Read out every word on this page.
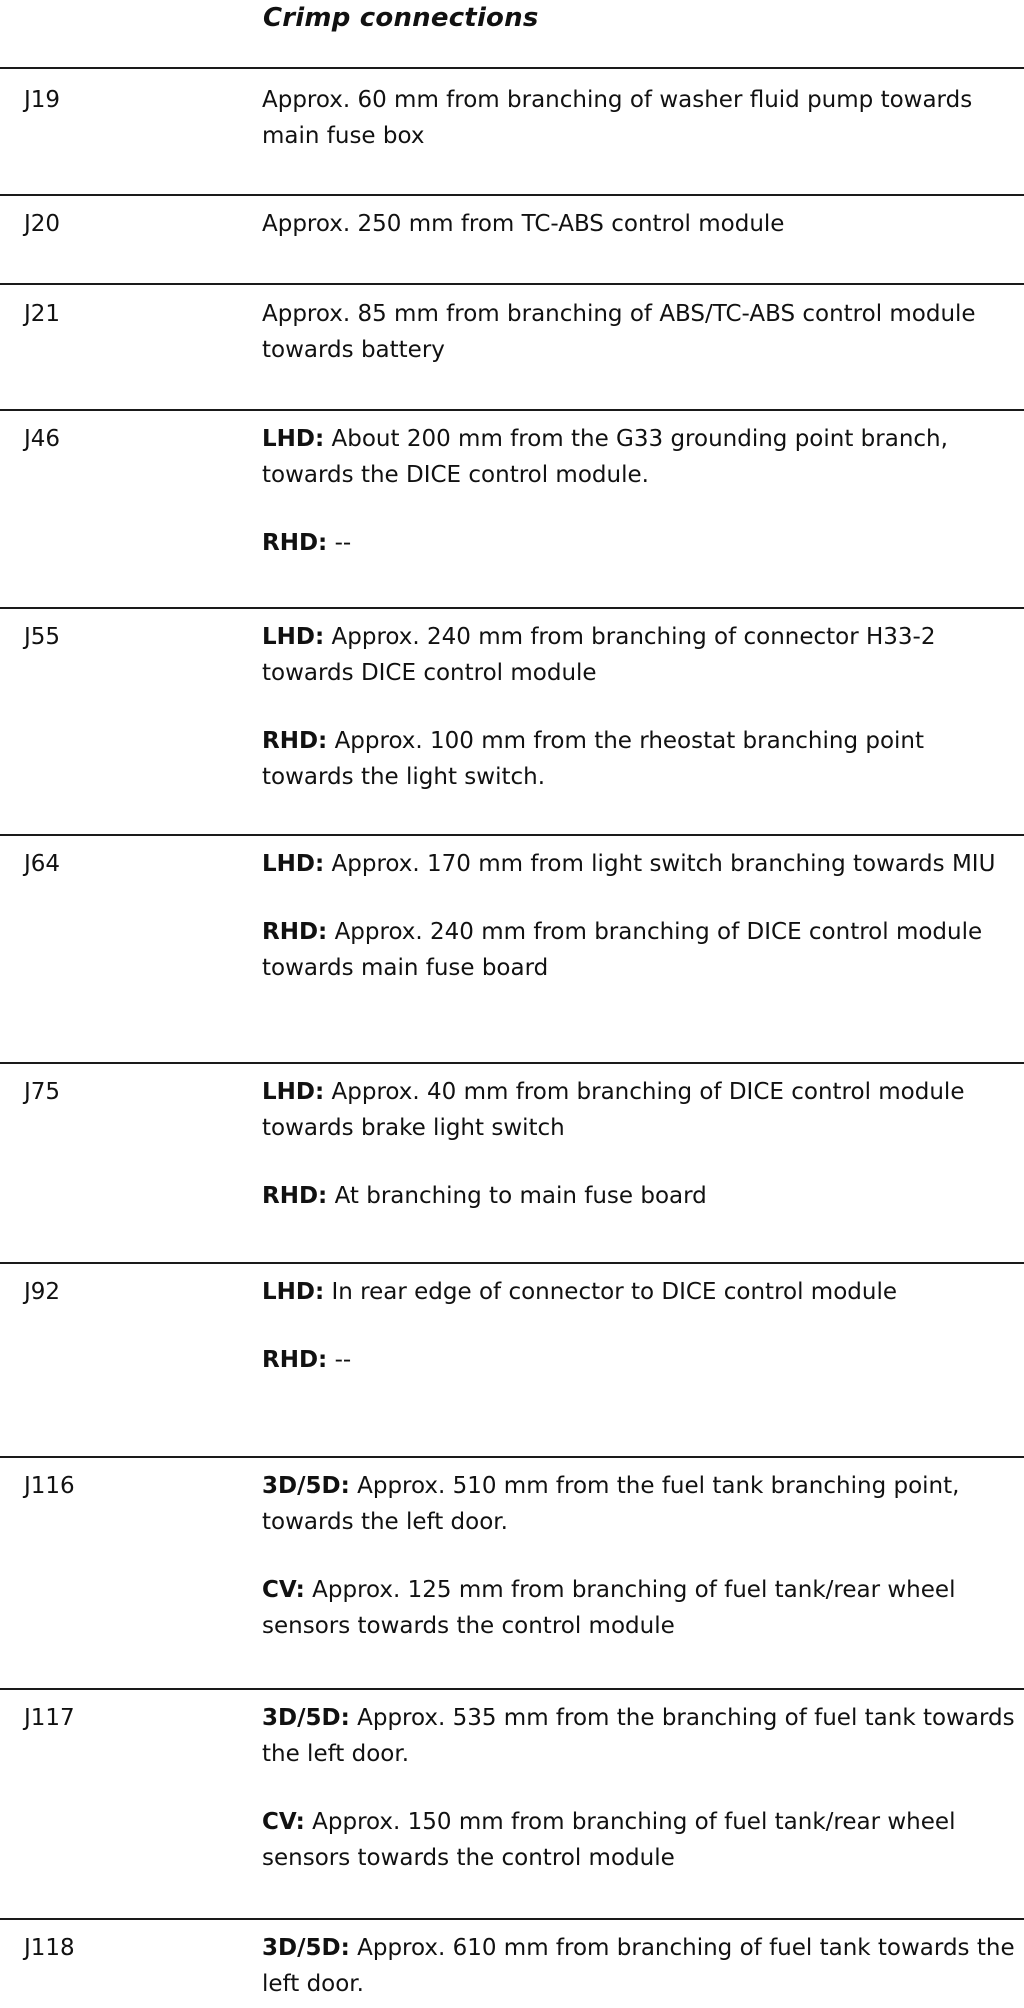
Crimp connections
J19	Approx. 60 mm from branching of washer fluid pump towards main fuse box

J20	Approx. 250 mm from TC-ABS control module

J21	Approx. 85 mm from branching of ABS/TC-ABS control module towards battery

J46	LHD: About 200 mm from the G33 grounding point branch, towards the DICE control module.

RHD: --

J55	LHD: Approx. 240 mm from branching of connector H33-2 towards DICE control module

RHD: Approx. 100 mm from the rheostat branching point towards the light switch.

J64	LHD: Approx. 170 mm from light switch branching towards MIU

RHD: Approx. 240 mm from branching of DICE control module towards main fuse board

J75	LHD: Approx. 40 mm from branching of DICE control module towards brake light switch

RHD: At branching to main fuse board

J92	LHD: In rear edge of connector to DICE control module

RHD: --

J116	3D/5D: Approx. 510 mm from the fuel tank branching point, towards the left door.

CV: Approx. 125 mm from branching of fuel tank/rear wheel sensors towards the control module

J117	3D/5D: Approx. 535 mm from the branching of fuel tank towards the left door.

CV: Approx. 150 mm from branching of fuel tank/rear wheel sensors towards the control module

J118	3D/5D: Approx. 610 mm from branching of fuel tank towards the left door.
